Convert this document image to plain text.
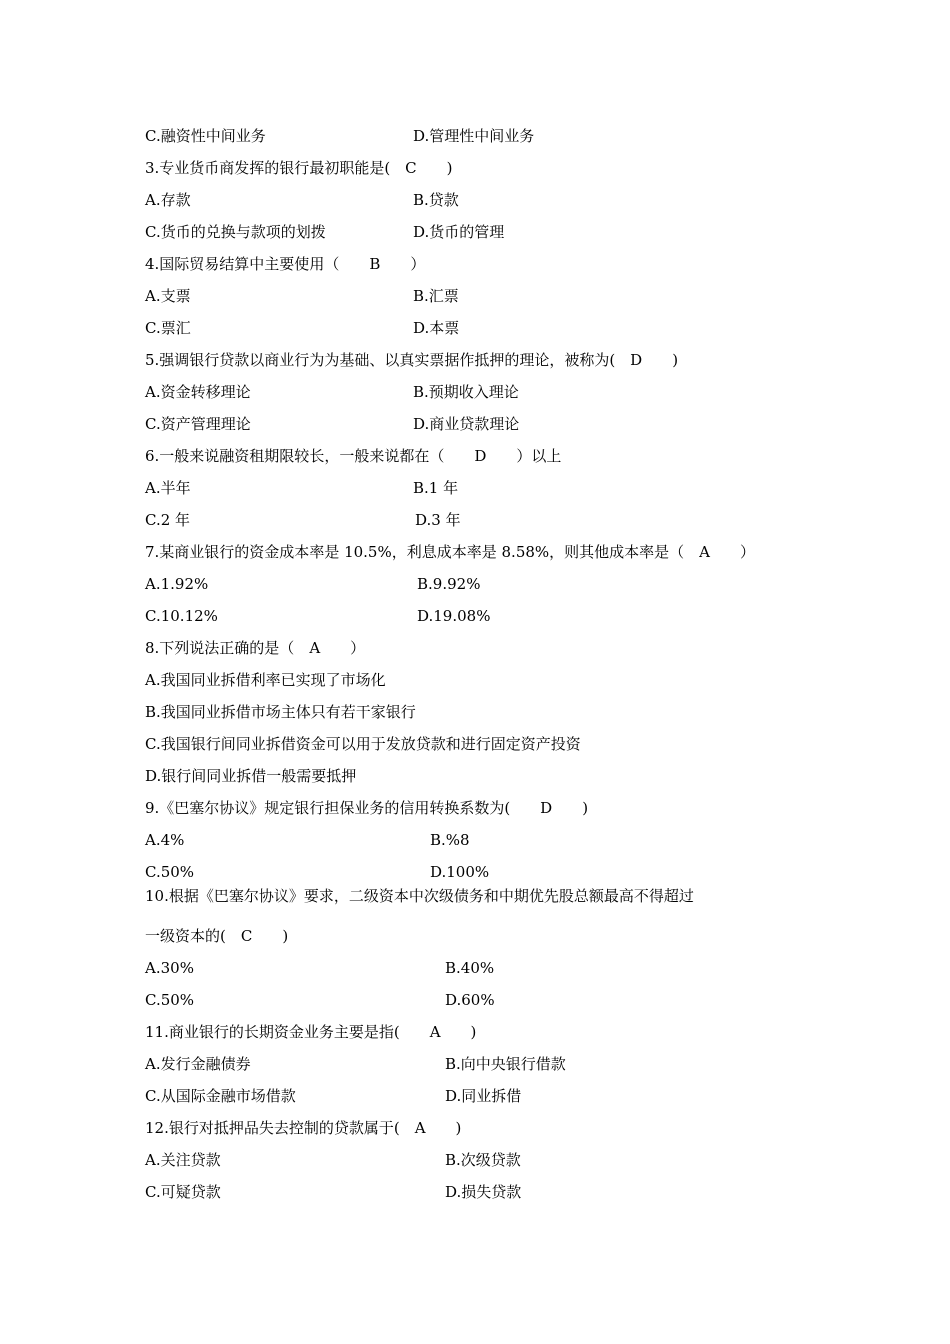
C.融资性中间业务	D.管理性中间业务
3.专业货币商发挥的银行最初职能是(　C　　)
A.存款	B.贷款
C.货币的兑换与款项的划拨	D.货币的管理
4.国际贸易结算中主要使用（　　B　　）
A.支票	B.汇票
C.票汇	D.本票
5.强调银行贷款以商业行为为基础、以真实票据作抵押的理论，被称为(　D　　)
A.资金转移理论	B.预期收入理论
C.资产管理理论	D.商业贷款理论
6.一般来说融资租期限较长，一般来说都在（　　D　　）以上
A.半年	B.1 年
C.2 年	D.3 年
7.某商业银行的资金成本率是 10.5%，利息成本率是 8.58%，则其他成本率是（　A　　）
A.1.92%	B.9.92%
C.10.12%	D.19.08%
8.下列说法正确的是（　A　　）
A.我国同业拆借利率已实现了市场化
B.我国同业拆借市场主体只有若干家银行
C.我国银行间同业拆借资金可以用于发放贷款和进行固定资产投资
D.银行间同业拆借一般需要抵押
9.《巴塞尔协议》规定银行担保业务的信用转换系数为(　　D　　)
A.4%	B.%8
C.50%	D.100%
10.根据《巴塞尔协议》要求，二级资本中次级债务和中期优先股总额最高不得超过
一级资本的(　C　　)
A.30%	B.40%
C.50%	D.60%
11.商业银行的长期资金业务主要是指(　　A　　)
A.发行金融债券	B.向中央银行借款
C.从国际金融市场借款	D.同业拆借
12.银行对抵押品失去控制的贷款属于(　A　　)
A.关注贷款	B.次级贷款
C.可疑贷款	D.损失贷款
